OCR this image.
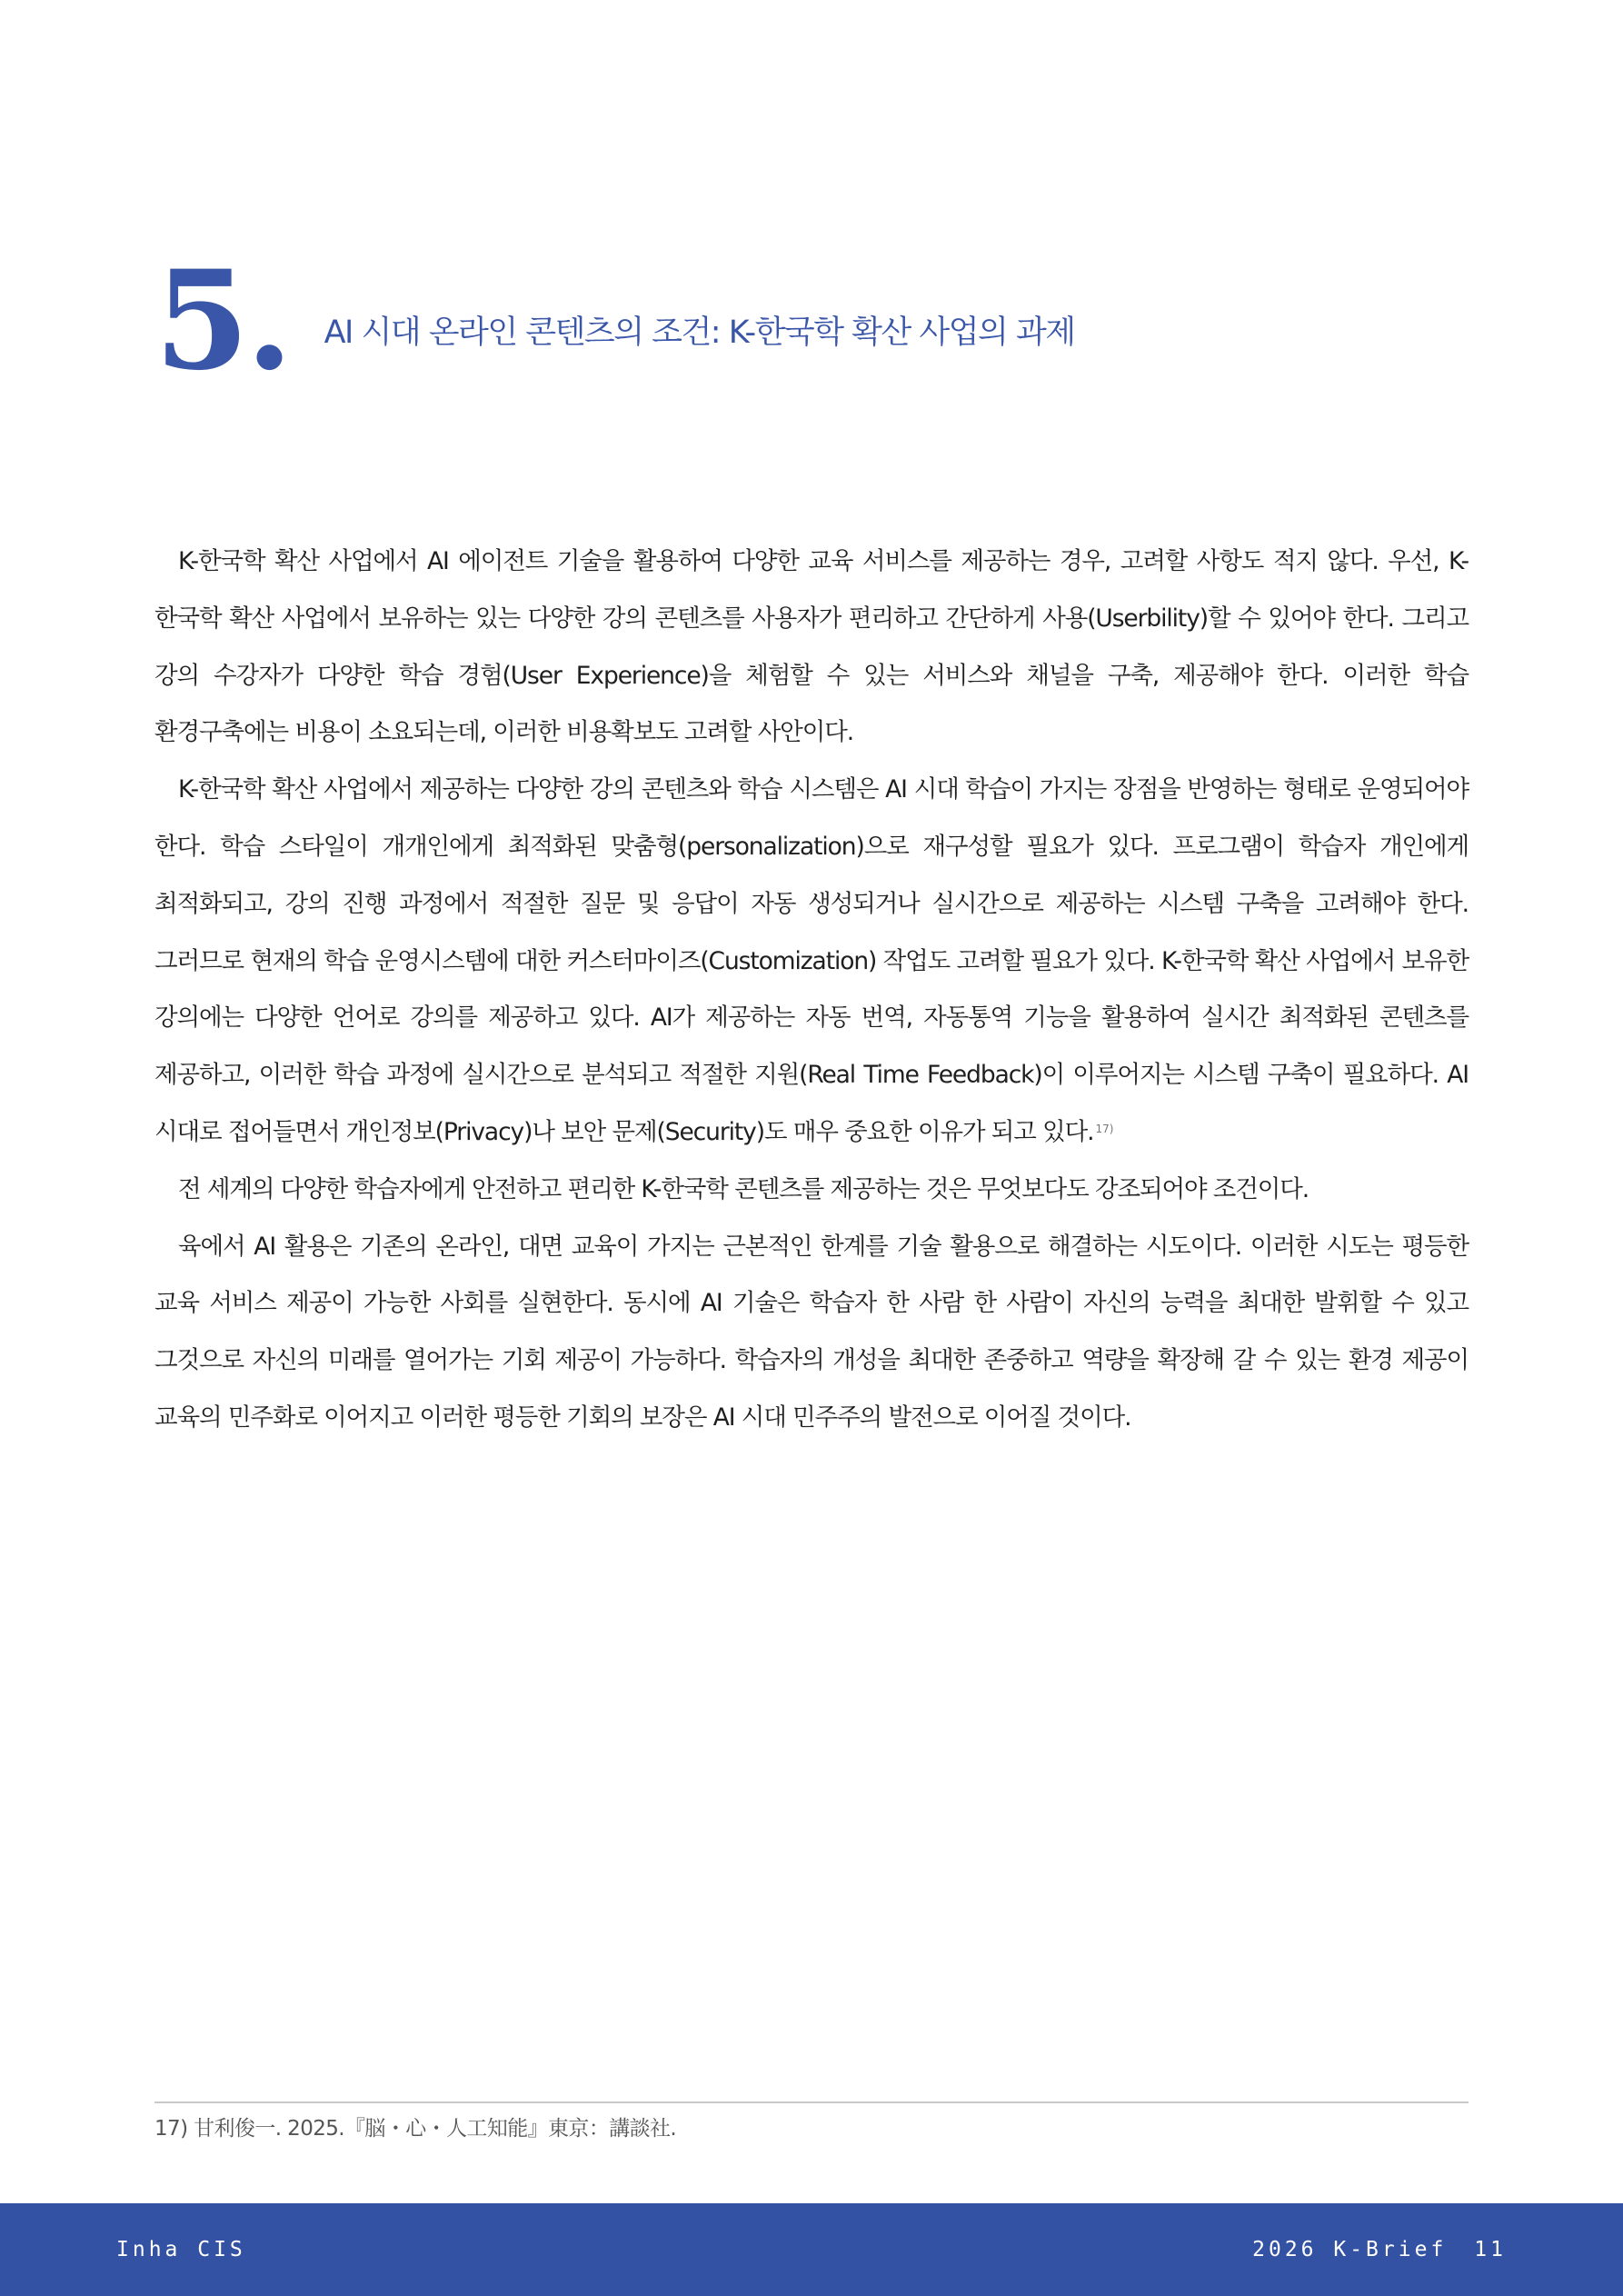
5. AI 시대 온라인 콘텐츠의 조건: K-한국학 확산 사업의 과제

K-한국학 확산 사업에서 AI 에이전트 기술을 활용하여 다양한 교육 서비스를 제공하는 경우, 고려할 사항도 적지 않다. 우선, K-한국학 확산 사업에서 보유하는 있는 다양한 강의 콘텐츠를 사용자가 편리하고 간단하게 사용(Userbility)할 수 있어야 한다. 그리고 강의 수강자가 다양한 학습 경험(User Experience)을 체험할 수 있는 서비스와 채널을 구축, 제공해야 한다. 이러한 학습 환경구축에는 비용이 소요되는데, 이러한 비용확보도 고려할 사안이다.

K-한국학 확산 사업에서 제공하는 다양한 강의 콘텐츠와 학습 시스템은 AI 시대 학습이 가지는 장점을 반영하는 형태로 운영되어야 한다. 학습 스타일이 개개인에게 최적화된 맞춤형(personalization)으로 재구성할 필요가 있다. 프로그램이 학습자 개인에게 최적화되고, 강의 진행 과정에서 적절한 질문 및 응답이 자동 생성되거나 실시간으로 제공하는 시스템 구축을 고려해야 한다. 그러므로 현재의 학습 운영시스템에 대한 커스터마이즈(Customization) 작업도 고려할 필요가 있다. K-한국학 확산 사업에서 보유한 강의에는 다양한 언어로 강의를 제공하고 있다. AI가 제공하는 자동 번역, 자동통역 기능을 활용하여 실시간 최적화된 콘텐츠를 제공하고, 이러한 학습 과정에 실시간으로 분석되고 적절한 지원(Real Time Feedback)이 이루어지는 시스템 구축이 필요하다. AI 시대로 접어들면서 개인정보(Privacy)나 보안 문제(Security)도 매우 중요한 이유가 되고 있다. $^{17)}$

전 세계의 다양한 학습자에게 안전하고 편리한 K-한국학 콘텐츠를 제공하는 것은 무엇보다도 강조되어야 조건이다.

육에서 AI 활용은 기존의 온라인, 대면 교육이 가지는 근본적인 한계를 기술 활용으로 해결하는 시도이다. 이러한 시도는 평등한 교육 서비스 제공이 가능한 사회를 실현한다. 동시에 AI 기술은 학습자 한 사람 한 사람이 자신의 능력을 최대한 발휘할 수 있고 그것으로 자신의 미래를 열어가는 기회 제공이 가능하다. 학습자의 개성을 최대한 존중하고 역량을 확장해 갈 수 있는 환경 제공이 교육의 민주화로 이어지고 이러한 평등한 기회의 보장은 AI 시대 민주주의 발전으로 이어질 것이다.

17) 甘利俊一. 2025.『脳・心・人工知能』東京：講談社.
Inha CIS	2026 K-Brief 11
